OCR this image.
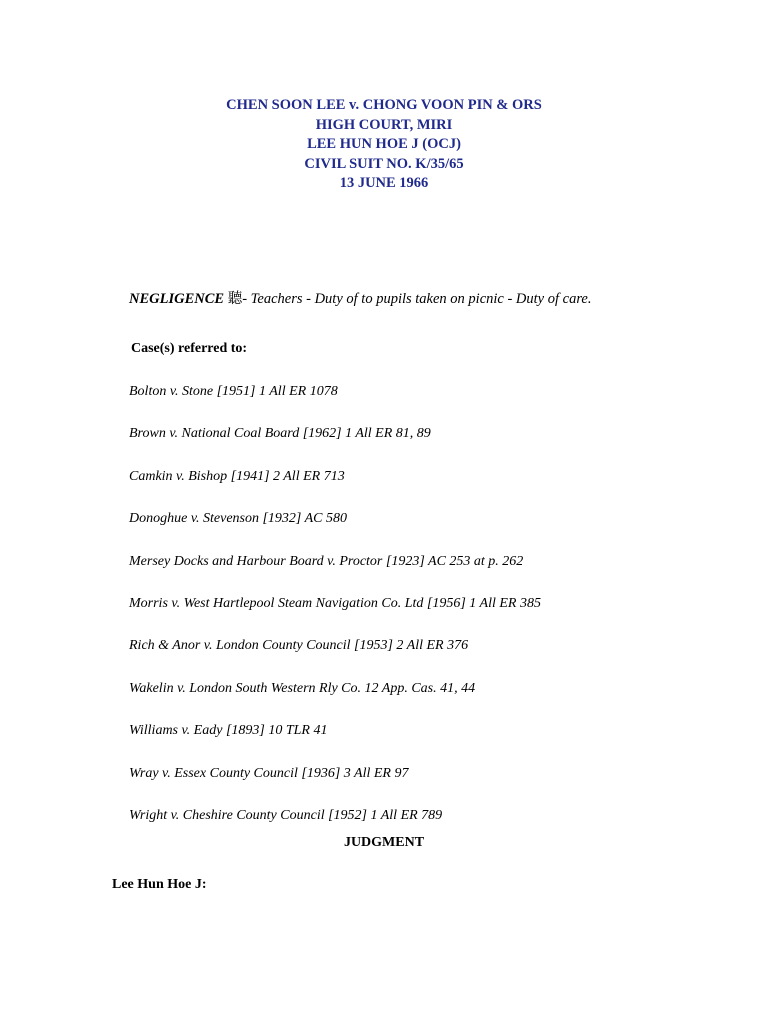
CHEN SOON LEE v. CHONG VOON PIN & ORS
HIGH COURT, MIRI
LEE HUN HOE J (OCJ)
CIVIL SUIT NO. K/35/65
13 JUNE 1966
NEGLIGENCE 聽- Teachers - Duty of to pupils taken on picnic - Duty of care.
Case(s) referred to:
Bolton v. Stone [1951] 1 All ER 1078
Brown v. National Coal Board [1962] 1 All ER 81, 89
Camkin v. Bishop [1941] 2 All ER 713
Donoghue v. Stevenson [1932] AC 580
Mersey Docks and Harbour Board v. Proctor [1923] AC 253 at p. 262
Morris v. West Hartlepool Steam Navigation Co. Ltd [1956] 1 All ER 385
Rich & Anor v. London County Council [1953] 2 All ER 376
Wakelin v. London South Western Rly Co. 12 App. Cas. 41, 44
Williams v. Eady [1893] 10 TLR 41
Wray v. Essex County Council [1936] 3 All ER 97
Wright v. Cheshire County Council [1952] 1 All ER 789
JUDGMENT
Lee Hun Hoe J:
